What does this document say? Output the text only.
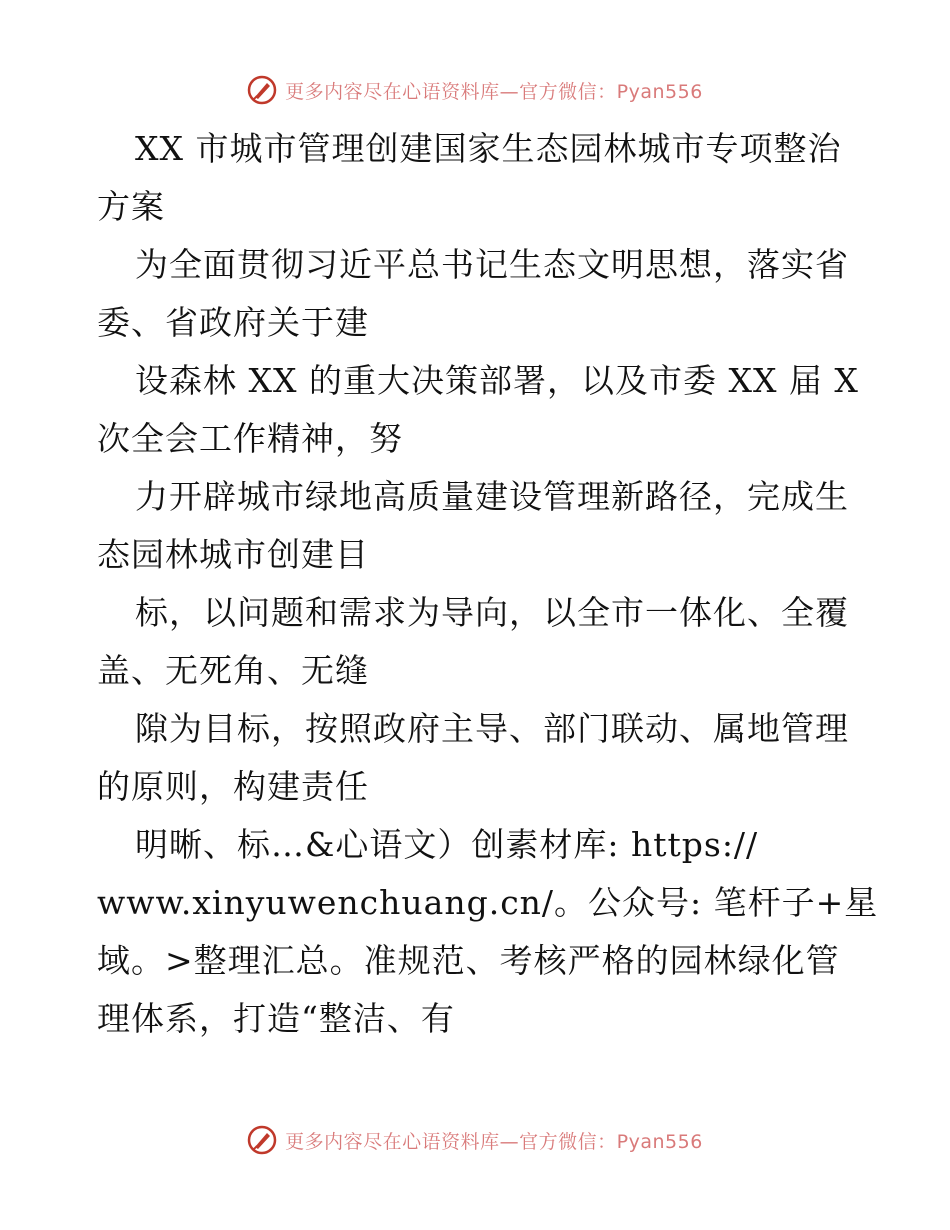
更多内容尽在心语资料库—官方微信：Pyan556
XX 市城市管理创建国家生态园林城市专项整治
方案
为全面贯彻习近平总书记生态文明思想，落实省
委、省政府关于建
设森林 XX 的重大决策部署，以及市委 XX 届 X
次全会工作精神，努
力开辟城市绿地高质量建设管理新路径，完成生
态园林城市创建目
标，以问题和需求为导向，以全市一体化、全覆
盖、无死角、无缝
隙为目标，按照政府主导、部门联动、属地管理
的原则，构建责任
明晰、标…&心语文）创素材库: https://
www.xinyuwenchuang.cn/。公众号: 笔杆子+星
域。>整理汇总。准规范、考核严格的园林绿化管
理体系，打造“整洁、有
更多内容尽在心语资料库—官方微信：Pyan556
